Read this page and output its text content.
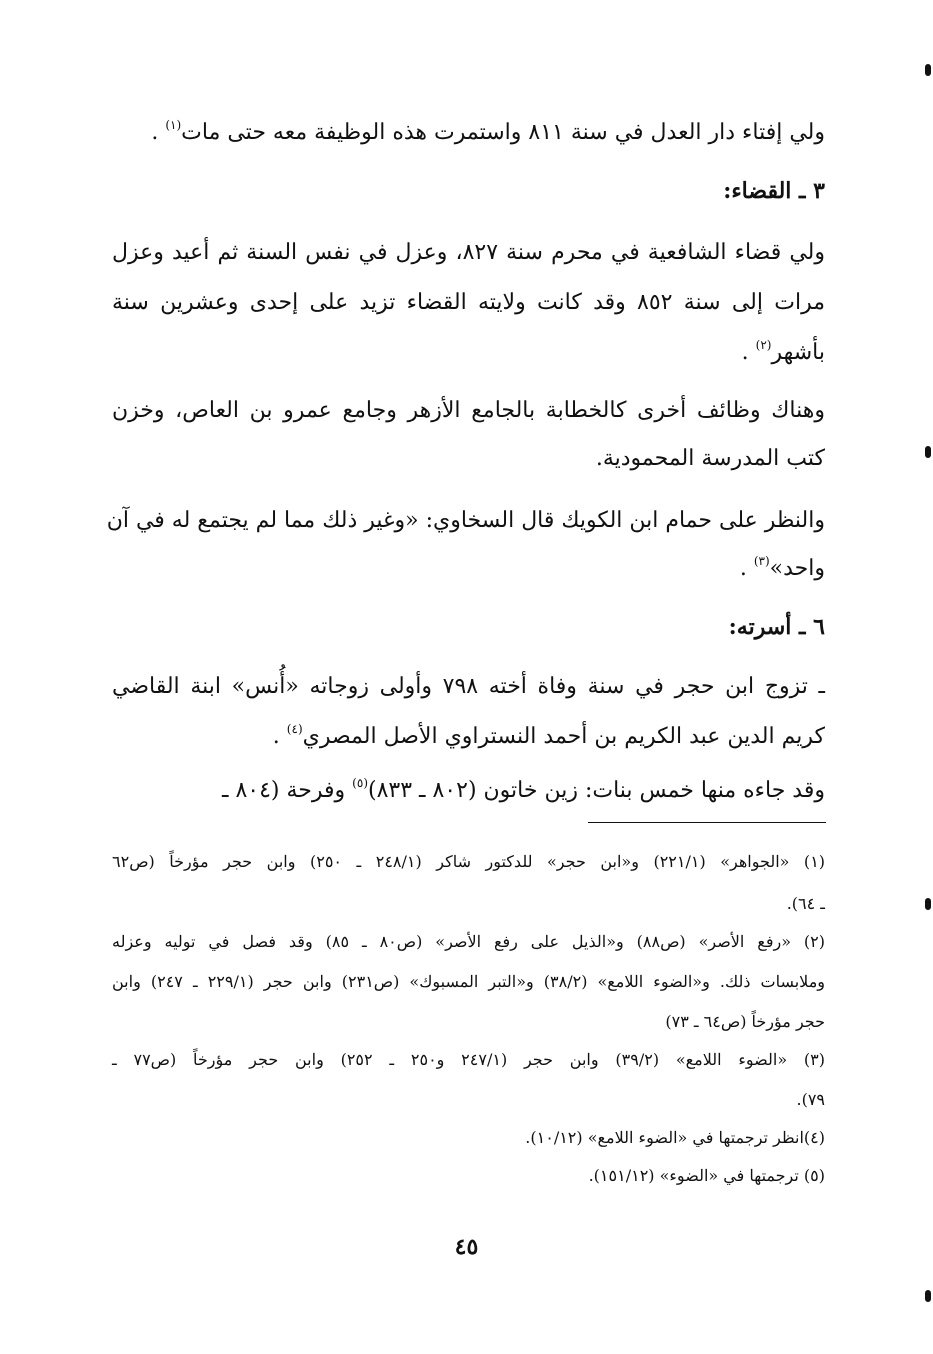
ولي إفتاء دار العدل في سنة ٨١١ واستمرت هذه الوظيفة معه حتى مات$^{(١)}$ .
٣ ـ القضاء:
ولي قضاء الشافعية في محرم سنة ٨٢٧، وعزل في نفس السنة ثم أعيد وعزل
مرات إلى سنة ٨٥٢ وقد كانت ولايته القضاء تزيد على إحدى وعشرين سنة
بأشهر$^{(٢)}$ .
وهناك وظائف أخرى كالخطابة بالجامع الأزهر وجامع عمرو بن العاص، وخزن
كتب المدرسة المحمودية.
والنظر على حمام ابن الكويك قال السخاوي: «وغير ذلك مما لم يجتمع له في آن
واحد»$^{(٣)}$ .
٦ ـ أسرته:
ـ تزوج ابن حجر في سنة وفاة أخته ٧٩٨ وأولى زوجاته «أُنس» ابنة القاضي
كريم الدين عبد الكريم بن أحمد النستراوي الأصل المصري$^{(٤)}$ .
وقد جاءه منها خمس بنات: زين خاتون (٨٠٢ ـ ٨٣٣)$^{(٥)}$ وفرحة (٨٠٤ ـ
(١) «الجواهر» (٢٢١/١) و«ابن حجر» للدكتور شاكر (٢٤٨/١ ـ ٢٥٠) وابن حجر مؤرخاً (ص٦٢
ـ ٦٤).
(٢) «رفع الأصر» (ص٨٨) و«الذيل على رفع الأصر» (ص٨٠ ـ ٨٥) وقد فصل في توليه وعزله
وملابسات ذلك. و«الضوء اللامع» (٣٨/٢) و«التبر المسبوك» (ص٢٣١) وابن حجر (٢٢٩/١ ـ ٢٤٧) وابن
حجر مؤرخاً (ص٦٤ ـ ٧٣)
(٣) «الضوء اللامع» (٣٩/٢) وابن حجر (٢٤٧/١ و٢٥٠ ـ ٢٥٢) وابن حجر مؤرخاً (ص٧٧ ـ
٧٩).
(٤)انظر ترجمتها في «الضوء اللامع» (١٠/١٢).
(٥) ترجمتها في «الضوء» (١٥١/١٢).
٤٥
